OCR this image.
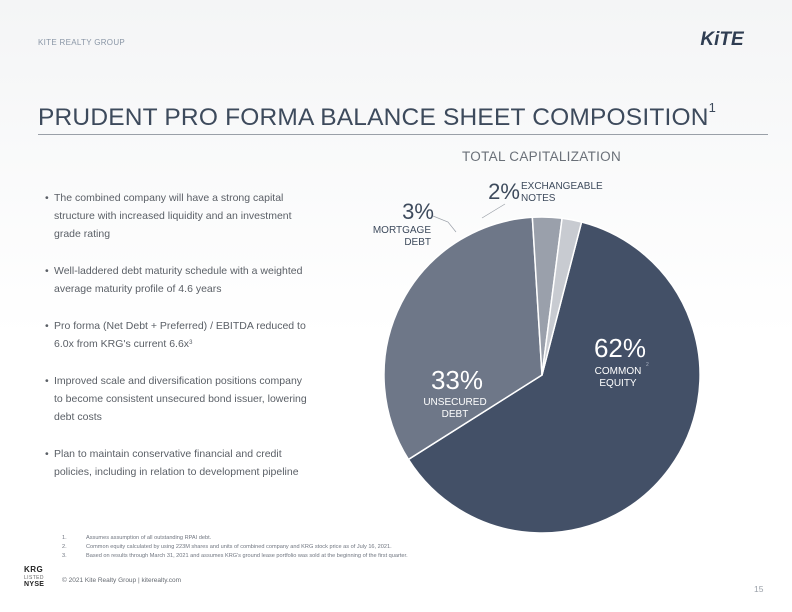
KITE REALTY GROUP	KiTE
PRUDENT PRO FORMA BALANCE SHEET COMPOSITION$^1$
TOTAL CAPITALIZATION
• The combined company will have a strong capital structure with increased liquidity and an investment grade rating
• Well-laddered debt maturity schedule with a weighted average maturity profile of 4.6 years
• Pro forma (Net Debt + Preferred) / EBITDA reduced to 6.0x from KRG's current $6.6x^3$
• Improved scale and diversification positions company to become consistent unsecured bond issuer, lowering debt costs
• Plan to maintain conservative financial and credit policies, including in relation to development pipeline
62%
COMMON EQUITY
2
33%
UNSECURED DEBT
3%
MORTGAGE DEBT
2% EXCHANGEABLE NOTES
1.	Assumes assumption of all outstanding RPAI debt.
2.	Common equity calculated by using 223M shares and units of combined company and KRG stock price as of July 16, 2021.
3.	Based on results through March 31, 2021 and assumes KRG's ground lease portfolio was sold at the beginning of the first quarter.
KRG
LISTED
NYSE
© 2021 Kite Realty Group | kiterealty.com
15
